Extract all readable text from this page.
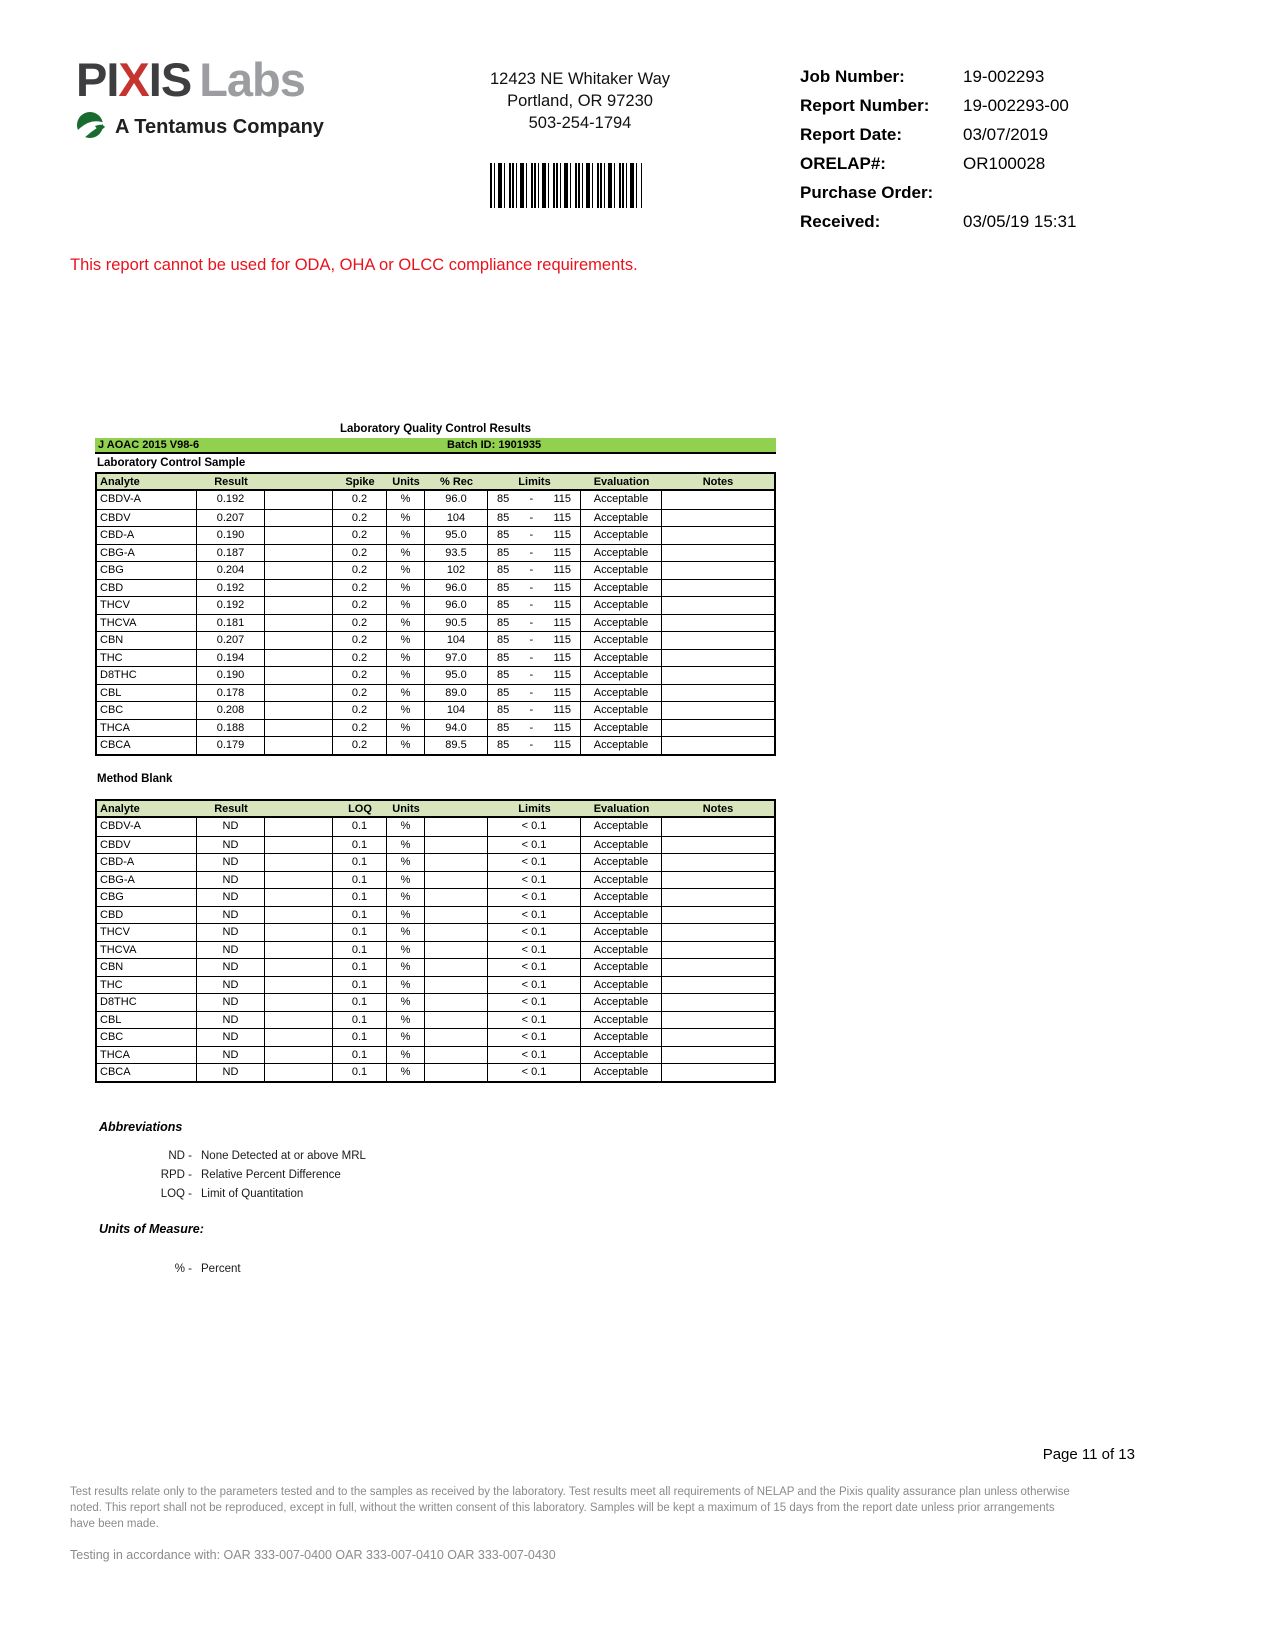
PIXIS Labs
A Tentamus Company
12423 NE Whitaker Way
Portland, OR 97230
503-254-1794
Job Number:	19-002293
Report Number:	19-002293-00
Report Date:	03/07/2019
ORELAP#:	OR100028
Purchase Order:
Received:	03/05/19 15:31
This report cannot be used for ODA, OHA or OLCC compliance requirements.
Laboratory Quality Control Results
J AOAC 2015 V98-6	Batch ID: 1901935
Laboratory Control Sample
Analyte	Result	Spike	Units	% Rec	Limits	Evaluation	Notes
CBDV-A	0.192	0.2	%	96.0	85 - 115	Acceptable
CBDV	0.207	0.2	%	104	85 - 115	Acceptable
CBD-A	0.190	0.2	%	95.0	85 - 115	Acceptable
CBG-A	0.187	0.2	%	93.5	85 - 115	Acceptable
CBG	0.204	0.2	%	102	85 - 115	Acceptable
CBD	0.192	0.2	%	96.0	85 - 115	Acceptable
THCV	0.192	0.2	%	96.0	85 - 115	Acceptable
THCVA	0.181	0.2	%	90.5	85 - 115	Acceptable
CBN	0.207	0.2	%	104	85 - 115	Acceptable
THC	0.194	0.2	%	97.0	85 - 115	Acceptable
D8THC	0.190	0.2	%	95.0	85 - 115	Acceptable
CBL	0.178	0.2	%	89.0	85 - 115	Acceptable
CBC	0.208	0.2	%	104	85 - 115	Acceptable
THCA	0.188	0.2	%	94.0	85 - 115	Acceptable
CBCA	0.179	0.2	%	89.5	85 - 115	Acceptable
Method Blank
Analyte	Result	LOQ	Units	Limits	Evaluation	Notes
CBDV-A	ND	0.1	%	< 0.1	Acceptable
CBDV	ND	0.1	%	< 0.1	Acceptable
CBD-A	ND	0.1	%	< 0.1	Acceptable
CBG-A	ND	0.1	%	< 0.1	Acceptable
CBG	ND	0.1	%	< 0.1	Acceptable
CBD	ND	0.1	%	< 0.1	Acceptable
THCV	ND	0.1	%	< 0.1	Acceptable
THCVA	ND	0.1	%	< 0.1	Acceptable
CBN	ND	0.1	%	< 0.1	Acceptable
THC	ND	0.1	%	< 0.1	Acceptable
D8THC	ND	0.1	%	< 0.1	Acceptable
CBL	ND	0.1	%	< 0.1	Acceptable
CBC	ND	0.1	%	< 0.1	Acceptable
THCA	ND	0.1	%	< 0.1	Acceptable
CBCA	ND	0.1	%	< 0.1	Acceptable
Abbreviations
ND - None Detected at or above MRL
RPD - Relative Percent Difference
LOQ - Limit of Quantitation
Units of Measure:
% - Percent
Page 11 of 13
Test results relate only to the parameters tested and to the samples as received by the laboratory. Test results meet all requirements of NELAP and the Pixis quality assurance plan unless otherwise noted. This report shall not be reproduced, except in full, without the written consent of this laboratory. Samples will be kept a maximum of 15 days from the report date unless prior arrangements have been made.
Testing in accordance with: OAR 333-007-0400 OAR 333-007-0410 OAR 333-007-0430
